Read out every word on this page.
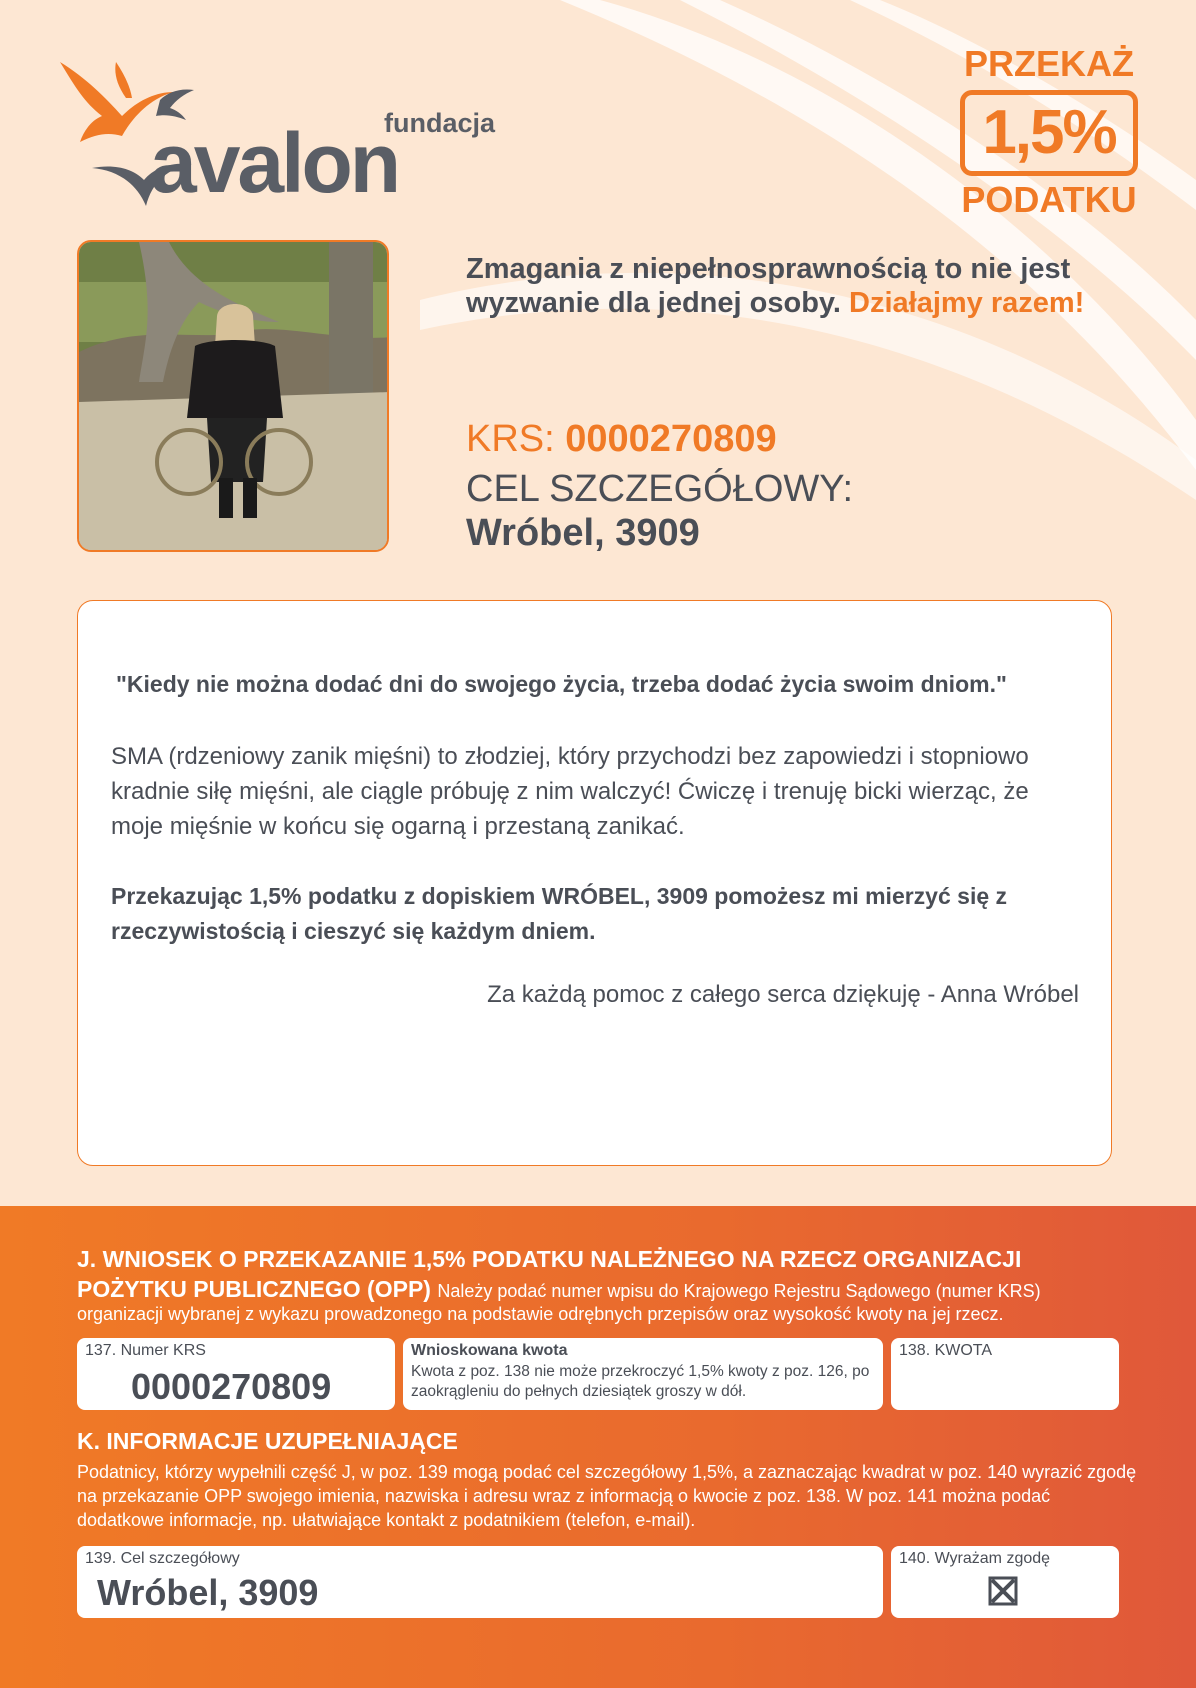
fundacja
avalon
PRZEKAŻ
1,5%
PODATKU
Zmagania z niepełnosprawnością to nie jest wyzwanie dla jednej osoby. Działajmy razem!
KRS: 0000270809
CEL SZCZEGÓŁOWY:
Wróbel, 3909
"Kiedy nie można dodać dni do swojego życia, trzeba dodać życia swoim dniom."
SMA (rdzeniowy zanik mięśni) to złodziej, który przychodzi bez zapowiedzi i stopniowo kradnie siłę mięśni, ale ciągle próbuję z nim walczyć! Ćwiczę i trenuję bicki wierząc, że moje mięśnie w końcu się ogarną i przestaną zanikać.
Przekazując 1,5% podatku z dopiskiem WRÓBEL, 3909 pomożesz mi mierzyć się z rzeczywistością i cieszyć się każdym dniem.
Za każdą pomoc z całego serca dziękuję - Anna Wróbel
J. WNIOSEK O PRZEKAZANIE 1,5% PODATKU NALEŻNEGO NA RZECZ ORGANIZACJI POŻYTKU PUBLICZNEGO (OPP) Należy podać numer wpisu do Krajowego Rejestru Sądowego (numer KRS)
organizacji wybranej z wykazu prowadzonego na podstawie odrębnych przepisów oraz wysokość kwoty na jej rzecz.
137. Numer KRS
0000270809
Wnioskowana kwota
Kwota z poz. 138 nie może przekroczyć 1,5% kwoty z poz. 126, po zaokrągleniu do pełnych dziesiątek groszy w dół.
138. KWOTA
K. INFORMACJE UZUPEŁNIAJĄCE
Podatnicy, którzy wypełnili część J, w poz. 139 mogą podać cel szczegółowy 1,5%, a zaznaczając kwadrat w poz. 140 wyrazić zgodę na przekazanie OPP swojego imienia, nazwiska i adresu wraz z informacją o kwocie z poz. 138. W poz. 141 można podać dodatkowe informacje, np. ułatwiające kontakt z podatnikiem (telefon, e-mail).
139. Cel szczegółowy
Wróbel, 3909
140. Wyrażam zgodę
